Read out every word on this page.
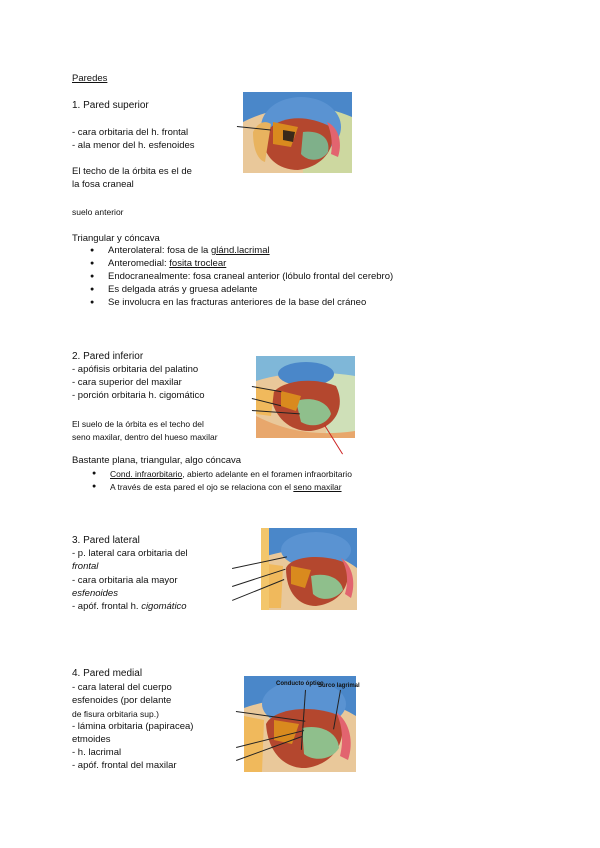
Paredes
1. Pared superior
- cara orbitaria del h. frontal
- ala menor del h. esfenoides
El techo de la órbita es el de
la fosa craneal
suelo anterior
Triangular y cóncava
● Anterolateral: fosa de la glánd.lacrimal
● Anteromedial: fosita troclear
● Endocranealmente: fosa craneal anterior (lóbulo frontal del cerebro)
● Es delgada atrás y gruesa adelante
● Se involucra en las fracturas anteriores de la base del cráneo
2. Pared inferior
- apófisis orbitaria del palatino
- cara superior del maxilar
- porción orbitaria h. cigomático
El suelo de la órbita es el techo del
seno maxilar, dentro del hueso maxilar
Bastante plana, triangular, algo cóncava
● Cond. infraorbitario, abierto adelante en el foramen infraorbitario
● A través de esta pared el ojo se relaciona con el seno maxilar
3. Pared lateral
- p. lateral cara orbitaria del
frontal
- cara orbitaria ala mayor
esfenoides
- apóf. frontal h. cigomático
4. Pared medial
- cara lateral del cuerpo
esfenoides (por delante
de fisura orbitaria sup.)
- lámina orbitaria (papiracea)
etmoides
- h. lacrimal
- apóf. frontal del maxilar
Conducto óptico
Surco lagrimal
